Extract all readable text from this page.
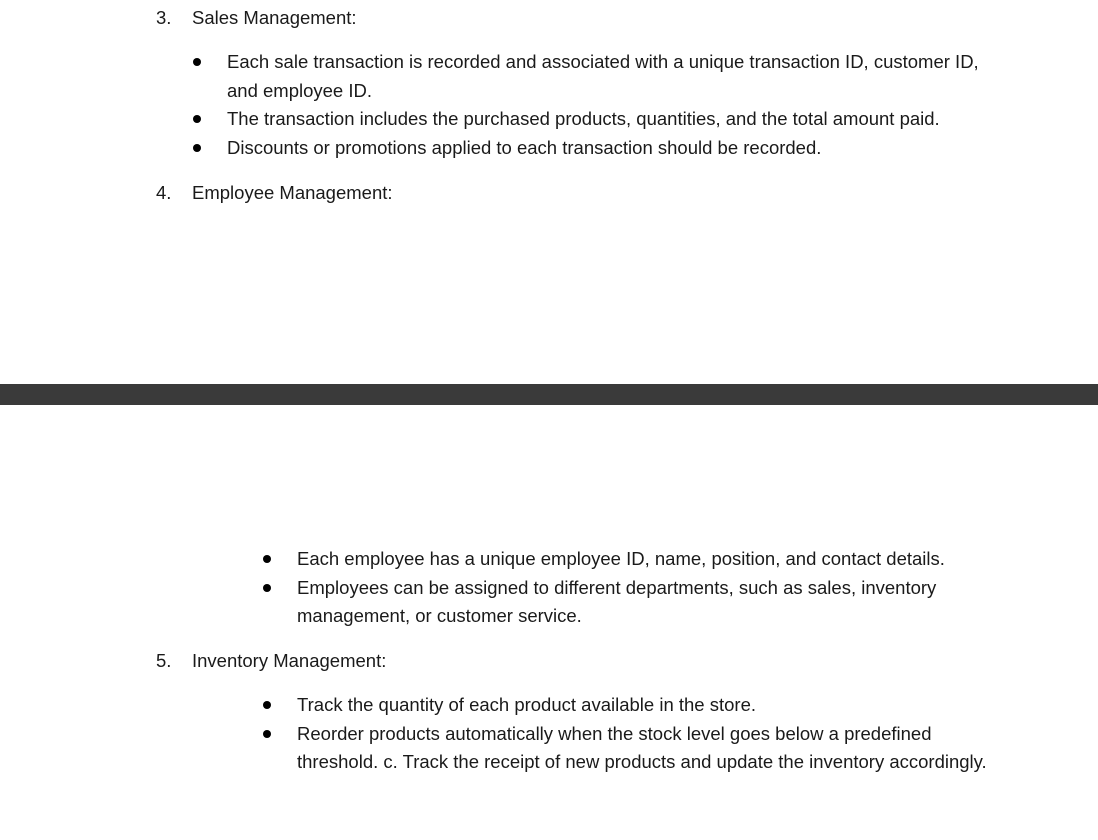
3. Sales Management:
Each sale transaction is recorded and associated with a unique transaction ID, customer ID, and employee ID.
The transaction includes the purchased products, quantities, and the total amount paid.
Discounts or promotions applied to each transaction should be recorded.
4. Employee Management:
Each employee has a unique employee ID, name, position, and contact details.
Employees can be assigned to different departments, such as sales, inventory management, or customer service.
5. Inventory Management:
Track the quantity of each product available in the store.
Reorder products automatically when the stock level goes below a predefined threshold. c. Track the receipt of new products and update the inventory accordingly.
